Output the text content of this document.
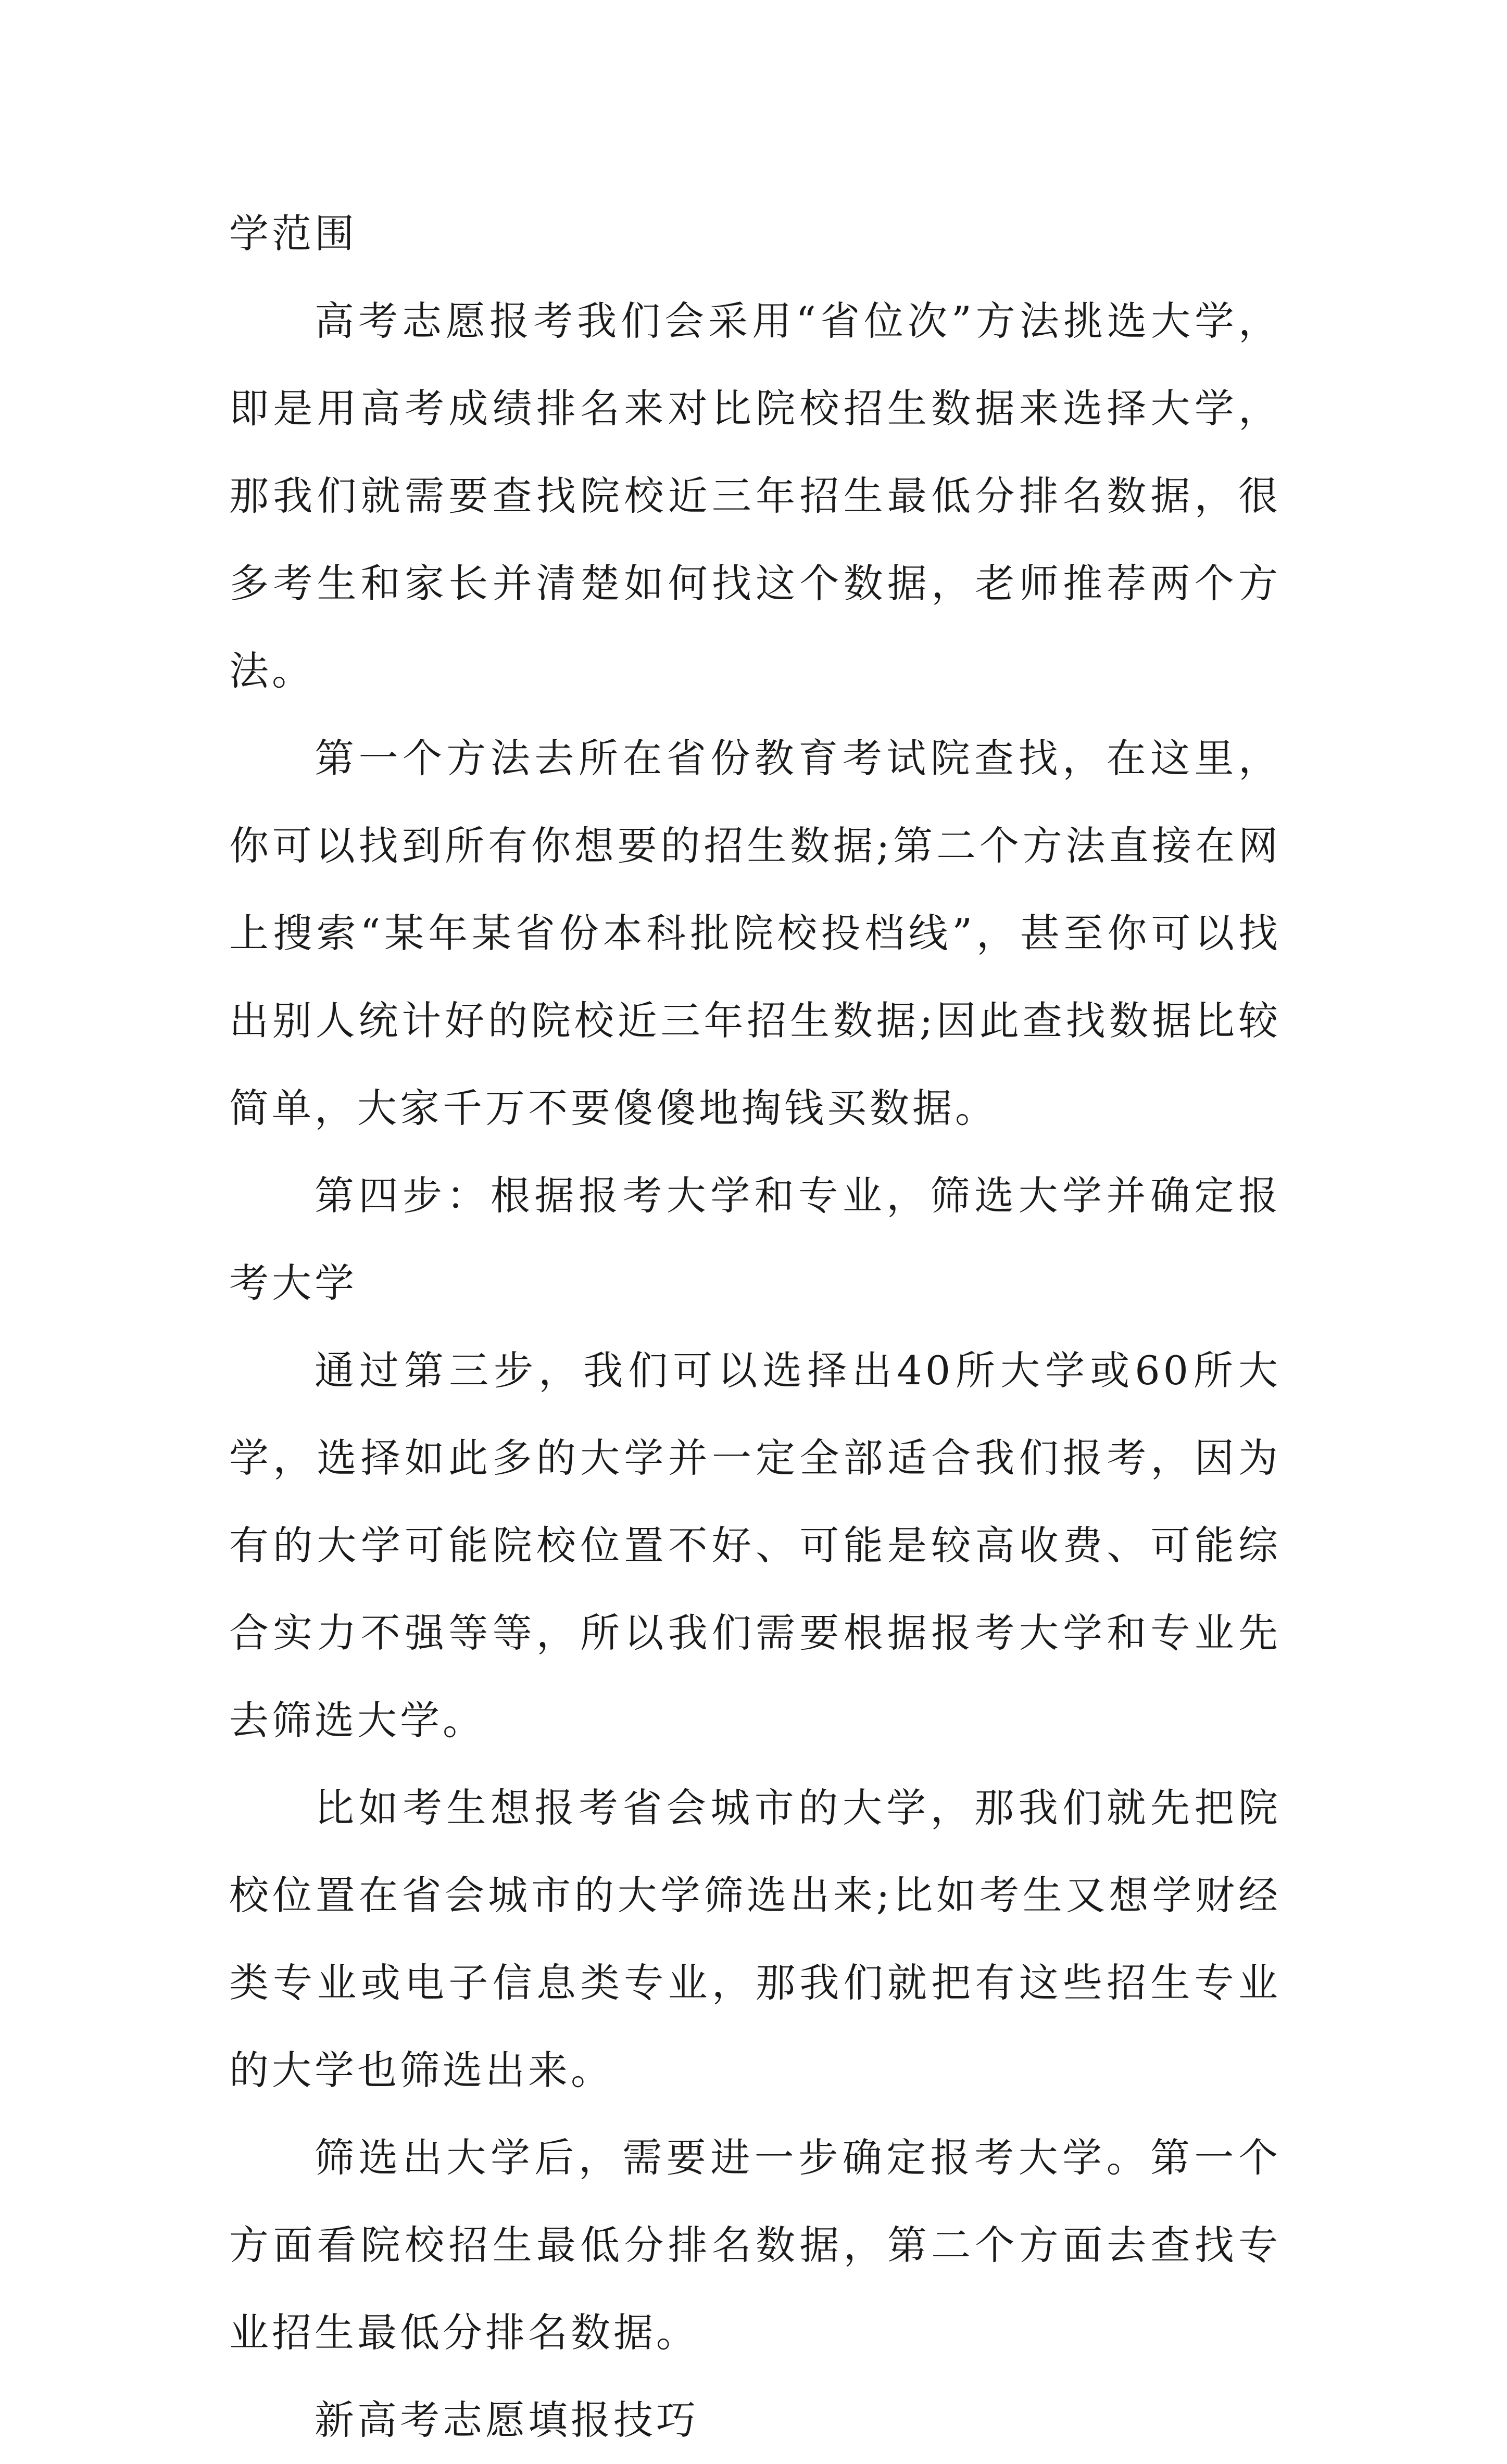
学范围

高考志愿报考我们会采用“省位次”方法挑选大学，即是用高考成绩排名来对比院校招生数据来选择大学，那我们就需要查找院校近三年招生最低分排名数据，很多考生和家长并清楚如何找这个数据，老师推荐两个方法。

第一个方法去所在省份教育考试院查找，在这里，你可以找到所有你想要的招生数据;第二个方法直接在网上搜索“某年某省份本科批院校投档线”，甚至你可以找出别人统计好的院校近三年招生数据;因此查找数据比较简单，大家千万不要傻傻地掏钱买数据。

第四步：根据报考大学和专业，筛选大学并确定报考大学

通过第三步，我们可以选择出40所大学或60所大学，选择如此多的大学并一定全部适合我们报考，因为有的大学可能院校位置不好、可能是较高收费、可能综合实力不强等等，所以我们需要根据报考大学和专业先去筛选大学。

比如考生想报考省会城市的大学，那我们就先把院校位置在省会城市的大学筛选出来;比如考生又想学财经类专业或电子信息类专业，那我们就把有这些招生专业的大学也筛选出来。

筛选出大学后，需要进一步确定报考大学。第一个方面看院校招生最低分排名数据，第二个方面去查找专业招生最低分排名数据。

新高考志愿填报技巧
